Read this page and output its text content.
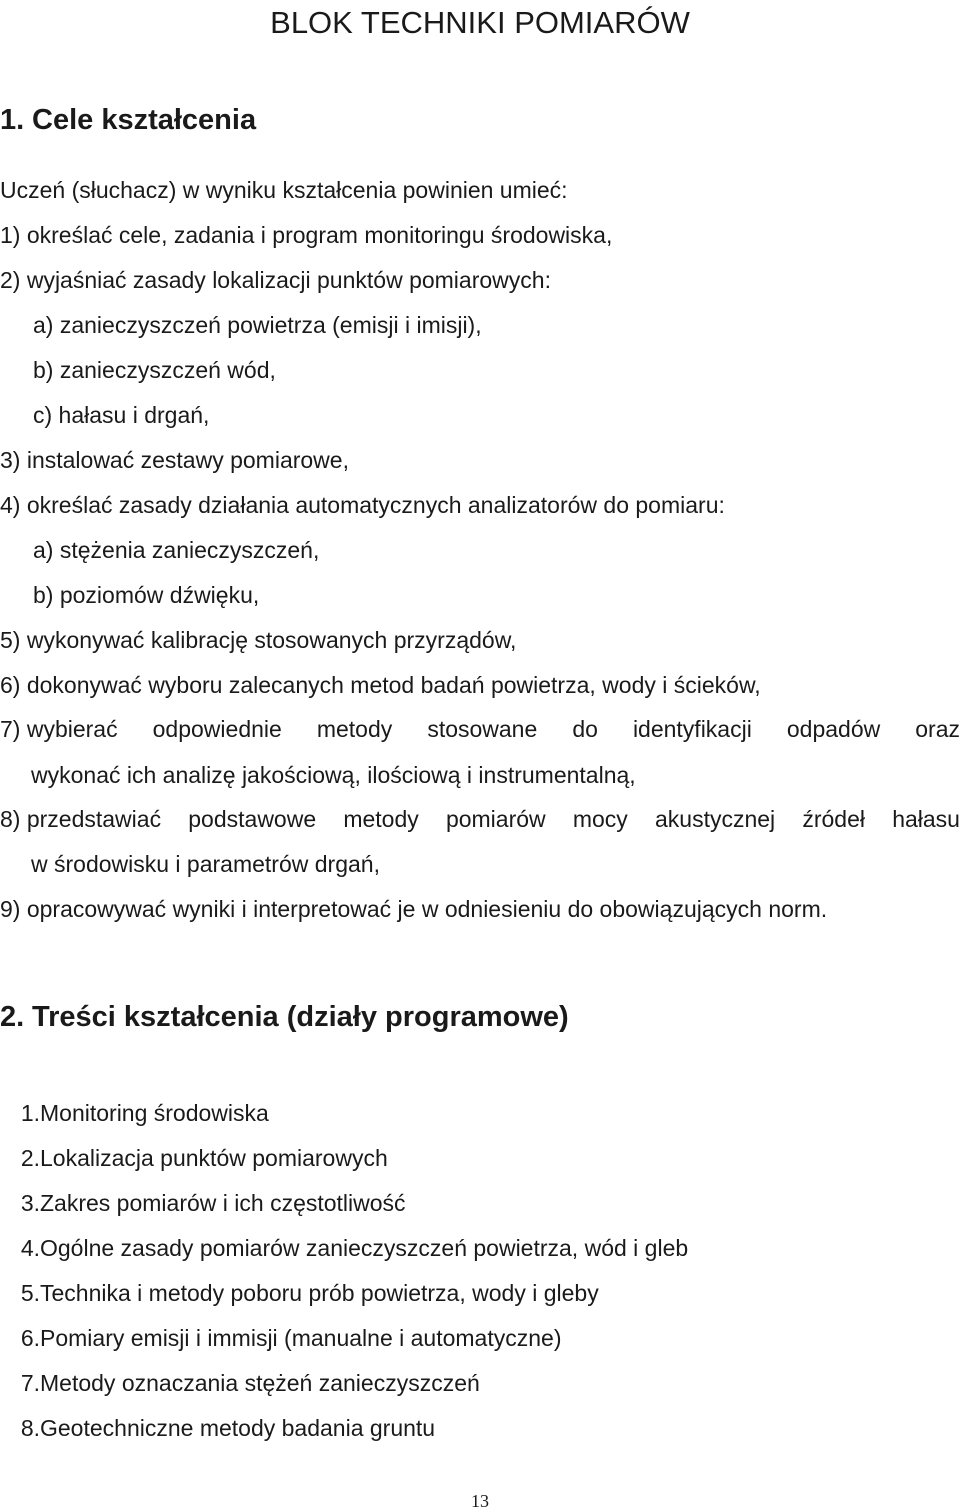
BLOK TECHNIKI POMIARÓW
1. Cele kształcenia
Uczeń (słuchacz) w wyniku kształcenia powinien umieć:
1) określać cele, zadania i program monitoringu środowiska,
2) wyjaśniać zasady lokalizacji punktów pomiarowych:
a) zanieczyszczeń powietrza (emisji i imisji),
b) zanieczyszczeń wód,
c) hałasu i drgań,
3) instalować zestawy pomiarowe,
4) określać zasady działania automatycznych analizatorów do pomiaru:
a) stężenia zanieczyszczeń,
b) poziomów dźwięku,
5) wykonywać kalibrację stosowanych przyrządów,
6) dokonywać wyboru zalecanych metod badań powietrza, wody i ścieków,
7) wybierać odpowiednie metody stosowane do identyfikacji odpadów oraz
wykonać ich analizę jakościową, ilościową i instrumentalną,
8) przedstawiać podstawowe metody pomiarów mocy akustycznej źródeł hałasu
w środowisku i parametrów drgań,
9) opracowywać wyniki i interpretować je w odniesieniu do obowiązujących norm.
2. Treści kształcenia (działy programowe)
1.Monitoring środowiska
2.Lokalizacja punktów pomiarowych
3.Zakres pomiarów i ich częstotliwość
4.Ogólne zasady pomiarów zanieczyszczeń powietrza, wód i gleb
5.Technika i metody poboru prób powietrza, wody i gleby
6.Pomiary emisji i immisji (manualne i automatyczne)
7.Metody oznaczania stężeń zanieczyszczeń
8.Geotechniczne metody badania gruntu
13
